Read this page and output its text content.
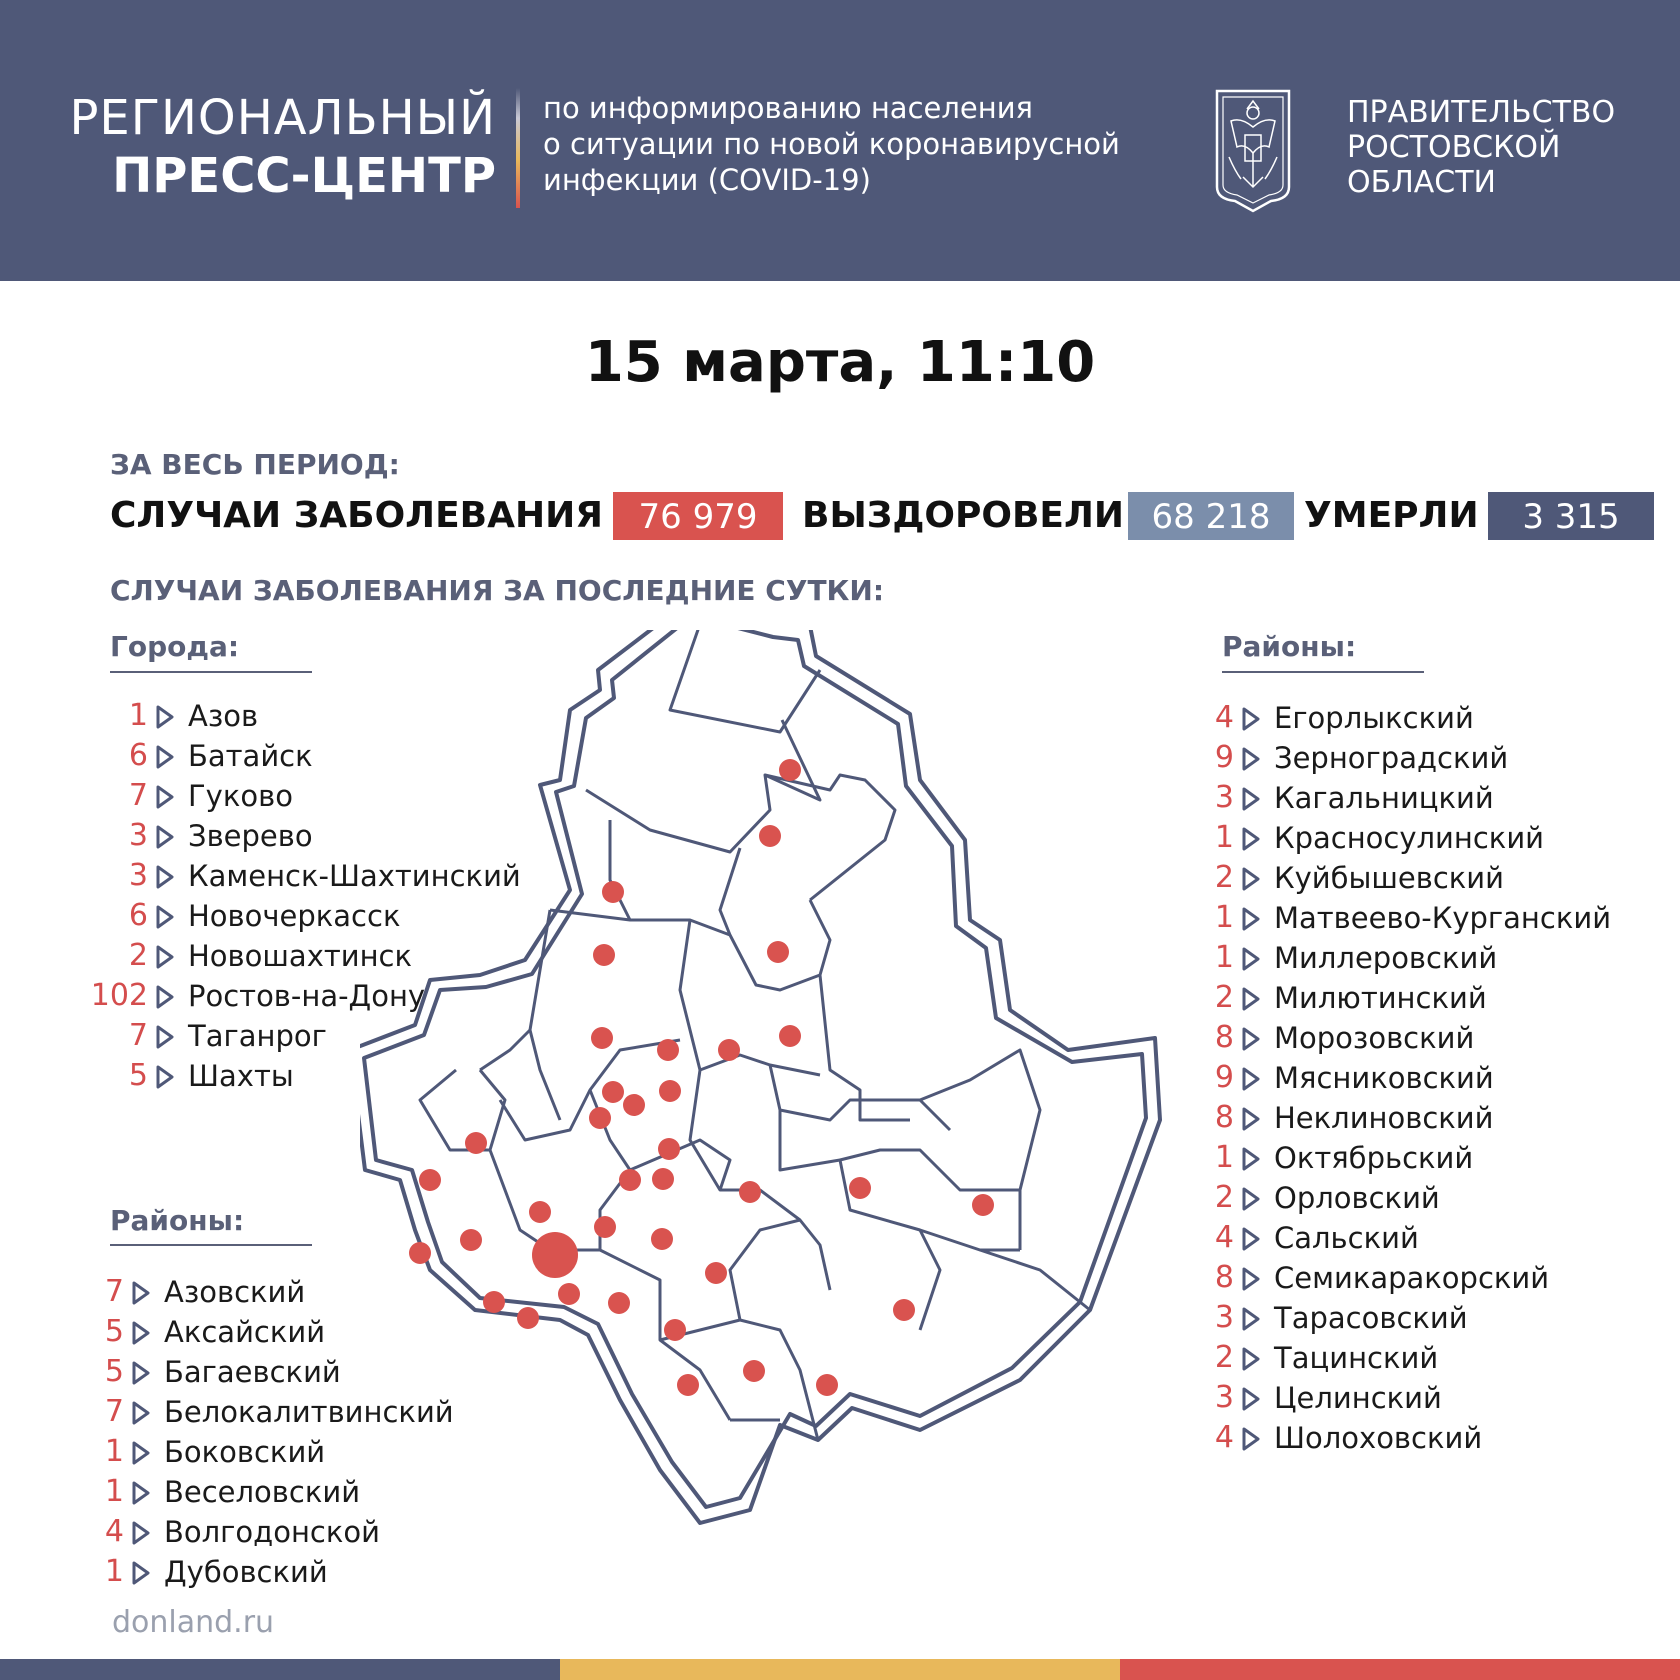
РЕГИОНАЛЬНЫЙ
ПРЕСС-ЦЕНТР
по информированию населения
о ситуации по новой коронавирусной
инфекции (COVID-19)
ПРАВИТЕЛЬСТВО
РОСТОВСКОЙ
ОБЛАСТИ
15 марта, 11:10
ЗА ВЕСЬ ПЕРИОД:
СЛУЧАИ ЗАБОЛЕВАНИЯ	76 979	ВЫЗДОРОВЕЛИ 68 218 УМЕРЛИ	3 315
СЛУЧАИ ЗАБОЛЕВАНИЯ ЗА ПОСЛЕДНИЕ СУТКИ:
Города:
1 Азов
6 Батайск
7 Гуково
3 Зверево
3 Каменск-Шахтинский
6 Новочеркасск
2 Новошахтинск
102 Ростов-на-Дону
7 Таганрог
5 Шахты
Районы:
7 Азовский
5 Аксайский
5 Багаевский
7 Белокалитвинский
1 Боковский
1 Веселовский
4 Волгодонской
1 Дубовский
Районы:
4 Егорлыкский
9 Зерноградский
3 Кагальницкий
1 Красносулинский
2 Куйбышевский
1 Матвеево-Курганский
1 Миллеровский
2 Милютинский
8 Морозовский
9 Мясниковский
8 Неклиновский
1 Октябрьский
2 Орловский
4 Сальский
8 Семикаракорский
3 Тарасовский
2 Тацинский
3 Целинский
4 Шолоховский
donland.ru
